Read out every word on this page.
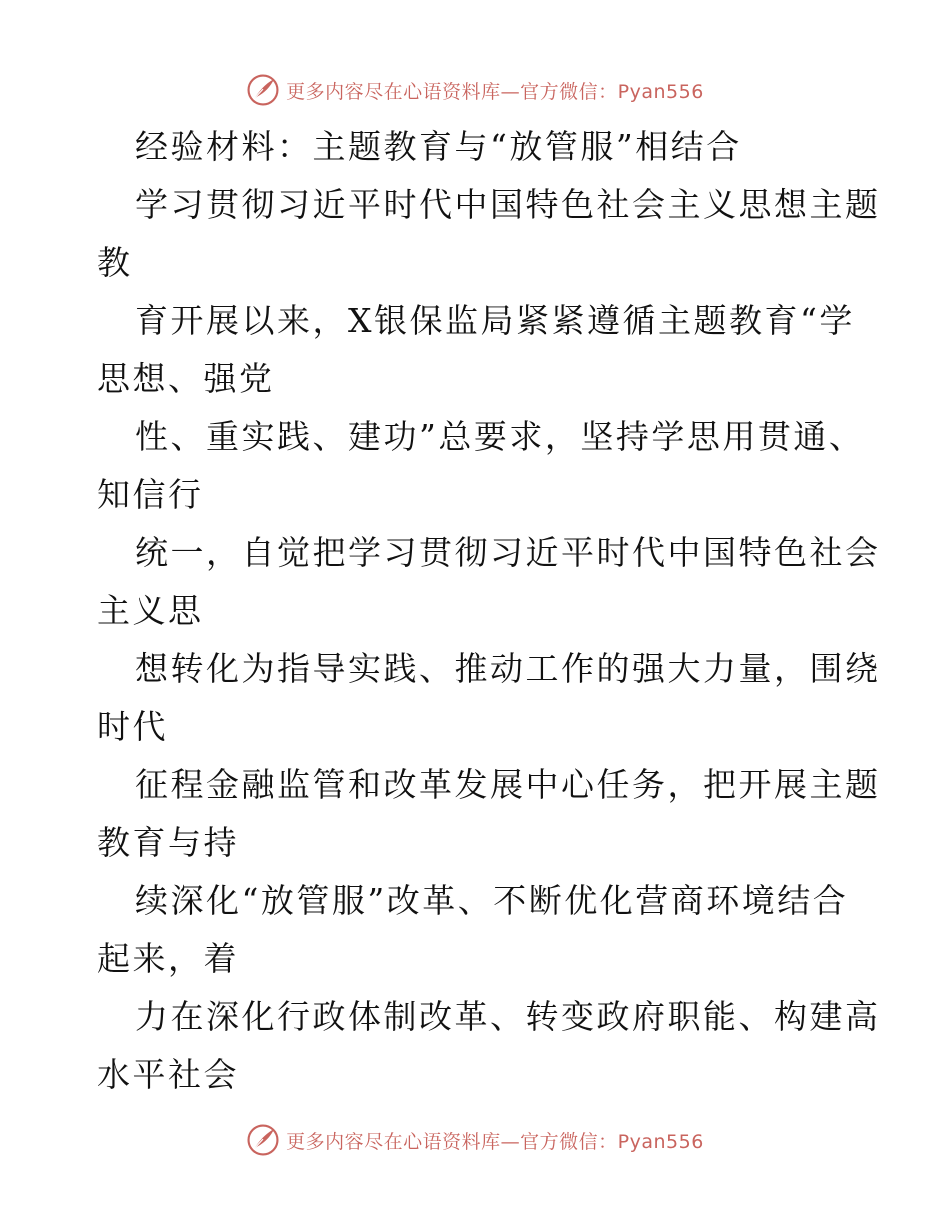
更多内容尽在心语资料库—官方微信：Pyan556
经验材料：主题教育与“放管服”相结合
学习贯彻习近平时代中国特色社会主义思想主题
教
育开展以来，X银保监局紧紧遵循主题教育“学
思想、强党
性、重实践、建功”总要求，坚持学思用贯通、
知信行
统一，自觉把学习贯彻习近平时代中国特色社会
主义思
想转化为指导实践、推动工作的强大力量，围绕
时代
征程金融监管和改革发展中心任务，把开展主题
教育与持
续深化“放管服”改革、不断优化营商环境结合
起来，着
力在深化行政体制改革、转变政府职能、构建高
水平社会
更多内容尽在心语资料库—官方微信：Pyan556
